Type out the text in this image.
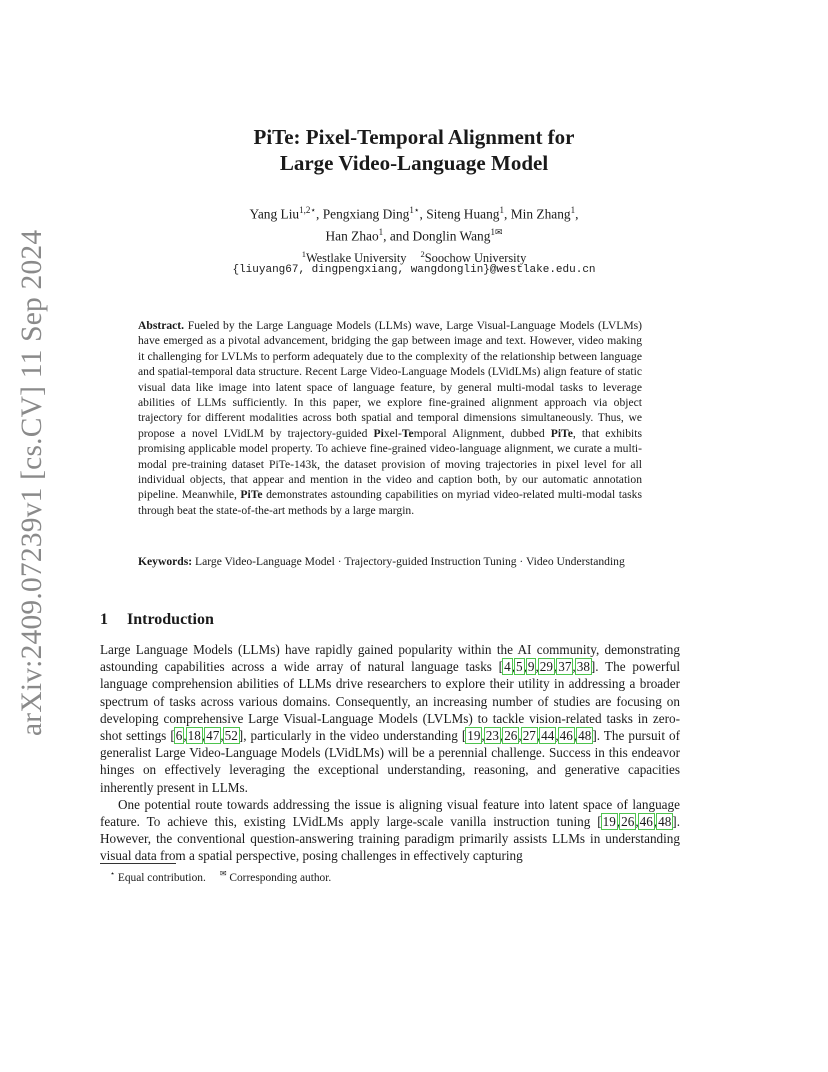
arXiv:2409.07239v1 [cs.CV] 11 Sep 2024
PiTe: Pixel-Temporal Alignment for
Large Video-Language Model
Yang Liu$^{1,2⋆}$, Pengxiang Ding$^{1⋆}$, Siteng Huang$^1$, Min Zhang$^1$,
Han Zhao$^1$, and Donglin Wang$^{1✉}$
$^1$Westlake University $^2$Soochow University
{liuyang67, dingpengxiang, wangdonglin}@westlake.edu.cn
Abstract. Fueled by the Large Language Models (LLMs) wave, Large Visual-Language Models (LVLMs) have emerged as a pivotal advancement, bridging the gap between image and text. However, video making it challenging for LVLMs to perform adequately due to the complexity of the relationship between language and spatial-temporal data structure. Recent Large Video-Language Models (LVidLMs) align feature of static visual data like image into latent space of language feature, by general multi-modal tasks to leverage abilities of LLMs sufficiently. In this paper, we explore fine-grained alignment approach via object trajectory for different modalities across both spatial and temporal dimensions simultaneously. Thus, we propose a novel LVidLM by trajectory-guided Pixel-Temporal Alignment, dubbed PiTe, that exhibits promising applicable model property. To achieve fine-grained video-language alignment, we curate a multi-modal pre-training dataset PiTe-143k, the dataset provision of moving trajectories in pixel level for all individual objects, that appear and mention in the video and caption both, by our automatic annotation pipeline. Meanwhile, PiTe demonstrates astounding capabilities on myriad video-related multi-modal tasks through beat the state-of-the-art methods by a large margin.
Keywords: Large Video-Language Model · Trajectory-guided Instruction Tuning · Video Understanding
1 Introduction

Large Language Models (LLMs) have rapidly gained popularity within the AI community, demonstrating astounding capabilities across a wide array of natural language tasks [4,5,9,29,37,38]. The powerful language comprehension abilities of LLMs drive researchers to explore their utility in addressing a broader spectrum of tasks across various domains. Consequently, an increasing number of studies are focusing on developing comprehensive Large Visual-Language Models (LVLMs) to tackle vision-related tasks in zero-shot settings [6,18,47,52], particularly in the video understanding [19,23,26,27,44,46,48]. The pursuit of generalist Large Video-Language Models (LVidLMs) will be a perennial challenge. Success in this endeavor hinges on effectively leveraging the exceptional understanding, reasoning, and generative capacities inherently present in LLMs.

One potential route towards addressing the issue is aligning visual feature into latent space of language feature. To achieve this, existing LVidLMs apply large-scale vanilla instruction tuning [19,26,46,48]. However, the conventional question-answering training paradigm primarily assists LLMs in understanding visual data from a spatial perspective, posing challenges in effectively capturing

⋆ Equal contribution. ✉ Corresponding author.
